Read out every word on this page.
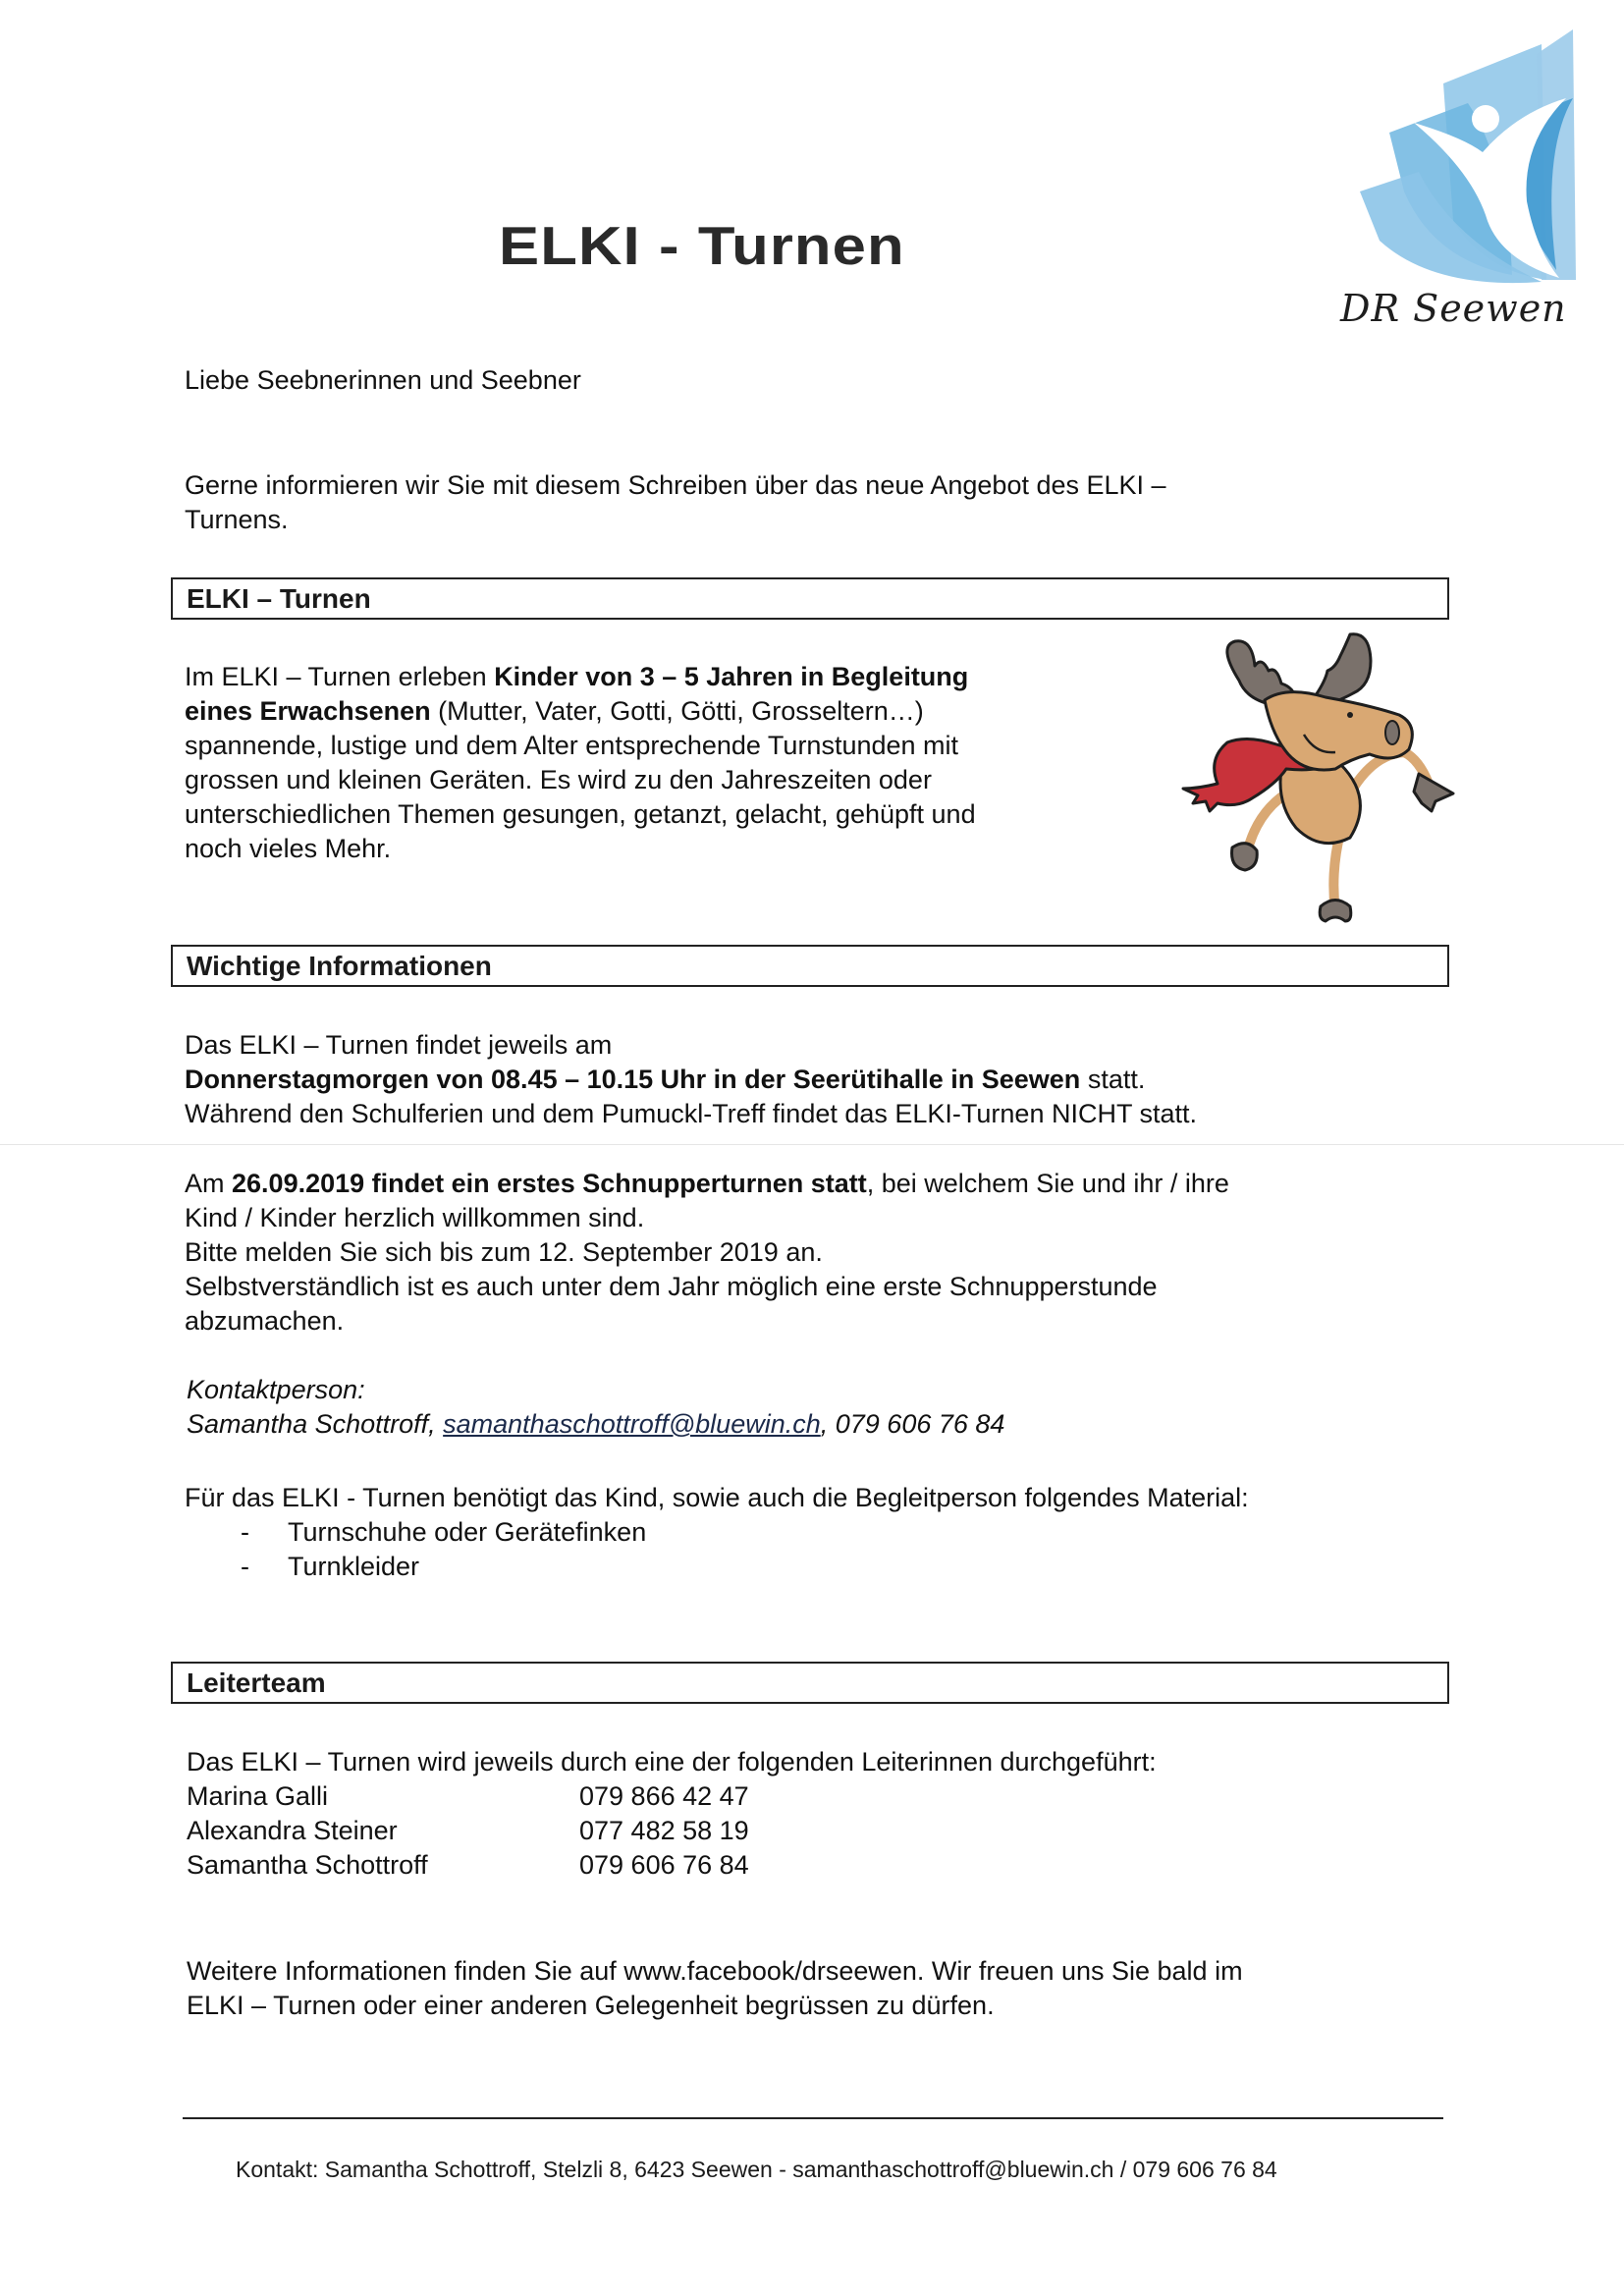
DR Seewen
ELKI - Turnen
Liebe Seebnerinnen und Seebner
Gerne informieren wir Sie mit diesem Schreiben über das neue Angebot des ELKI –
Turnens.
ELKI – Turnen
Im ELKI – Turnen erleben Kinder von 3 – 5 Jahren in Begleitung
eines Erwachsenen (Mutter, Vater, Gotti, Götti, Grosseltern…)
spannende, lustige und dem Alter entsprechende Turnstunden mit
grossen und kleinen Geräten. Es wird zu den Jahreszeiten oder
unterschiedlichen Themen gesungen, getanzt, gelacht, gehüpft und
noch vieles Mehr.
Wichtige Informationen
Das ELKI – Turnen findet jeweils am
Donnerstagmorgen von 08.45 – 10.15 Uhr in der Seerütihalle in Seewen statt.
Während den Schulferien und dem Pumuckl-Treff findet das ELKI-Turnen NICHT statt.
Am 26.09.2019 findet ein erstes Schnupperturnen statt, bei welchem Sie und ihr / ihre
Kind / Kinder herzlich willkommen sind.
Bitte melden Sie sich bis zum 12. September 2019 an.
Selbstverständlich ist es auch unter dem Jahr möglich eine erste Schnupperstunde
abzumachen.
Kontaktperson:
Samantha Schottroff, samanthaschottroff@bluewin.ch, 079 606 76 84
Für das ELKI - Turnen benötigt das Kind, sowie auch die Begleitperson folgendes Material:
- Turnschuhe oder Gerätefinken
- Turnkleider
Leiterteam
Das ELKI – Turnen wird jeweils durch eine der folgenden Leiterinnen durchgeführt:
Marina Galli	079 866 42 47
Alexandra Steiner	077 482 58 19
Samantha Schottroff	079 606 76 84
Weitere Informationen finden Sie auf www.facebook/drseewen. Wir freuen uns Sie bald im
ELKI – Turnen oder einer anderen Gelegenheit begrüssen zu dürfen.
Kontakt: Samantha Schottroff, Stelzli 8, 6423 Seewen - samanthaschottroff@bluewin.ch / 079 606 76 84
